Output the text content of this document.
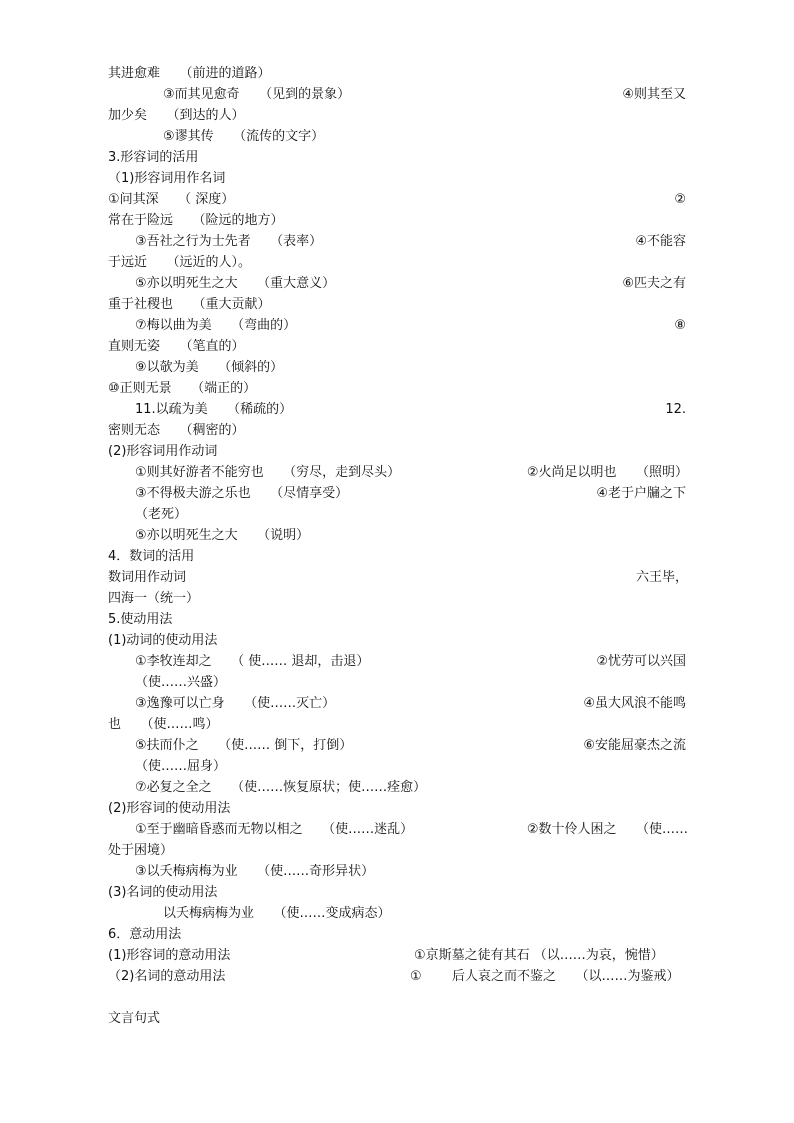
其进愈难　　（前进的道路）
③而其见愈奇　　（见到的景象）	④则其至又
加少矣　　（到达的人）
⑤谬其传　　（流传的文字）
3.形容词的活用
（1)形容词用作名词
①问其深　　（ 深度）	②
常在于险远　　（险远的地方）
③吾社之行为士先者　　（表率）	④不能容
于远近　　（远近的人）。
⑤亦以明死生之大　　（重大意义）	⑥匹夫之有
重于社稷也　　（重大贡献）
⑦梅以曲为美　　（弯曲的）	⑧
直则无姿　　（笔直的）
⑨以欹为美　　（倾斜的）
⑩正则无景　　（端正的）
11.以疏为美　　（稀疏的）	12.
密则无态　　（稠密的）
(2)形容词用作动词
①则其好游者不能穷也　　（穷尽，走到尽头）	②火尚足以明也　　（照明）
③不得极夫游之乐也　　（尽情享受）	④老于户牖之下
（老死）
⑤亦以明死生之大　　（说明）
4．数词的活用
数词用作动词	六王毕，
四海一（统一）
5.使动用法
(1)动词的使动用法
①李牧连却之　　（ 使…… 退却，击退）	②忧劳可以兴国
（使……兴盛）
③逸豫可以亡身　　（使……灭亡）	④虽大风浪不能鸣
也　　（使……鸣）
⑤扶而仆之　　（使…… 倒下，打倒）	⑥安能屈豪杰之流
（使……屈身）
⑦必复之全之　　（使……恢复原状；使……痊愈）
(2)形容词的使动用法
①至于幽暗昏惑而无物以相之　　（使……迷乱）	②数十伶人困之　　（使……
处于困境）
③以夭梅病梅为业　　（使……奇形异状）
(3)名词的使动用法
以夭梅病梅为业　　（使……变成病态）
6．意动用法
(1)形容词的意动用法	①京斯墓之徒有其石 （以……为哀，惋惜）
（2)名词的意动用法	① 后人哀之而不鉴之　　（以……为鉴戒）
文言句式
